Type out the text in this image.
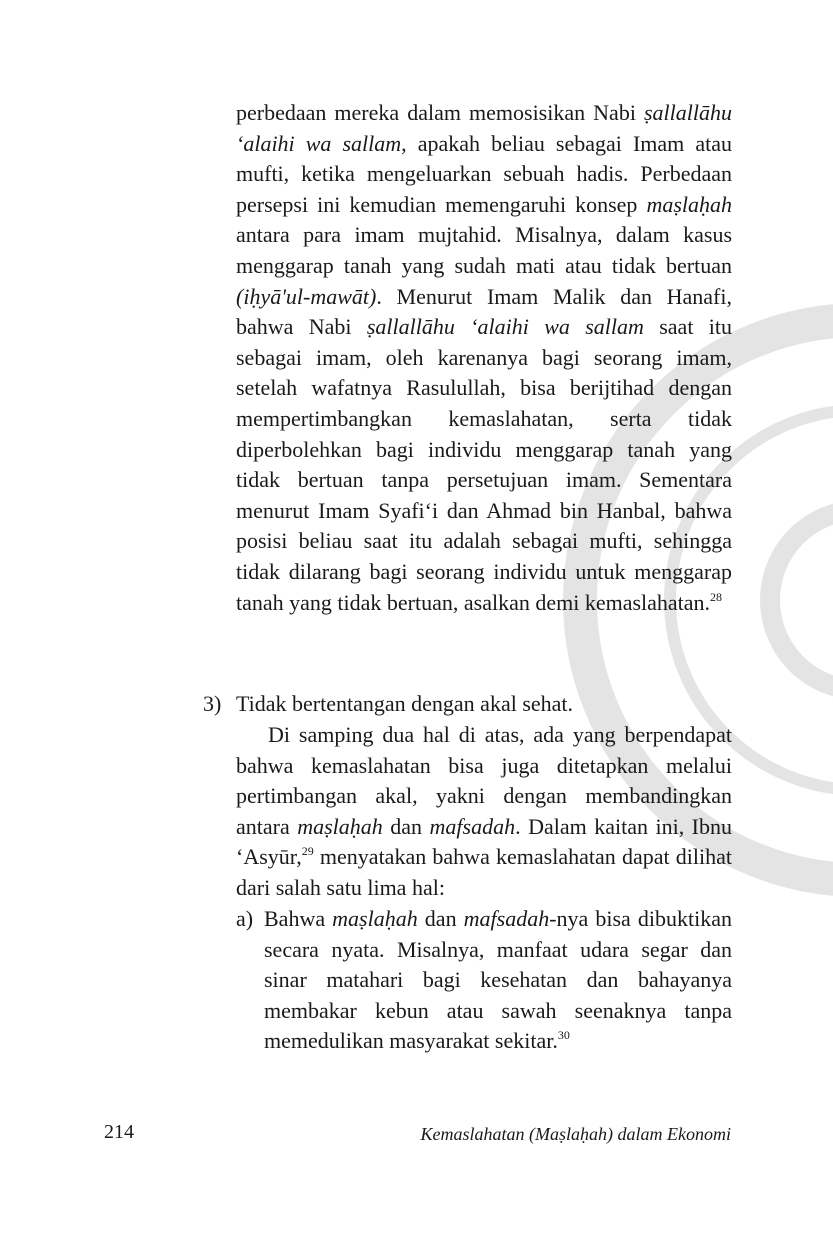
perbedaan mereka dalam memosisikan Nabi ṣallallāhu ‘alaihi wa sallam, apakah beliau sebagai Imam atau mufti, ketika mengeluarkan sebuah hadis. Perbedaan persepsi ini kemudian memengaruhi konsep maṣlaḥah antara para imam mujtahid. Misalnya, dalam kasus menggarap tanah yang sudah mati atau tidak bertuan (iḥyā'ul-mawāt). Menurut Imam Malik dan Hanafi, bahwa Nabi ṣallallāhu ‘alaihi wa sallam saat itu sebagai imam, oleh karenanya bagi seorang imam, setelah wafatnya Rasulullah, bisa berijtihad dengan mempertimbangkan kemaslahatan, serta tidak diperbolehkan bagi individu menggarap tanah yang tidak bertuan tanpa persetujuan imam. Sementara menurut Imam Syafi‘i dan Ahmad bin Hanbal, bahwa posisi beliau saat itu adalah sebagai mufti, sehingga tidak dilarang bagi seorang individu untuk menggarap tanah yang tidak bertuan, asalkan demi kemaslahatan.$^{28}$

3) Tidak bertentangan dengan akal sehat.

Di samping dua hal di atas, ada yang berpendapat bahwa kemaslahatan bisa juga ditetapkan melalui pertimbangan akal, yakni dengan membandingkan antara maṣlaḥah dan mafsadah. Dalam kaitan ini, Ibnu ‘Asyūr,$^{29}$ menyatakan bahwa kemaslahatan dapat dilihat dari salah satu lima hal:

a) Bahwa maṣlaḥah dan mafsadah-nya bisa dibuktikan secara nyata. Misalnya, manfaat udara segar dan sinar matahari bagi kesehatan dan bahayanya membakar kebun atau sawah seenaknya tanpa memedulikan masyarakat sekitar.$^{30}$
214	Kemaslahatan (Maṣlaḥah) dalam Ekonomi
